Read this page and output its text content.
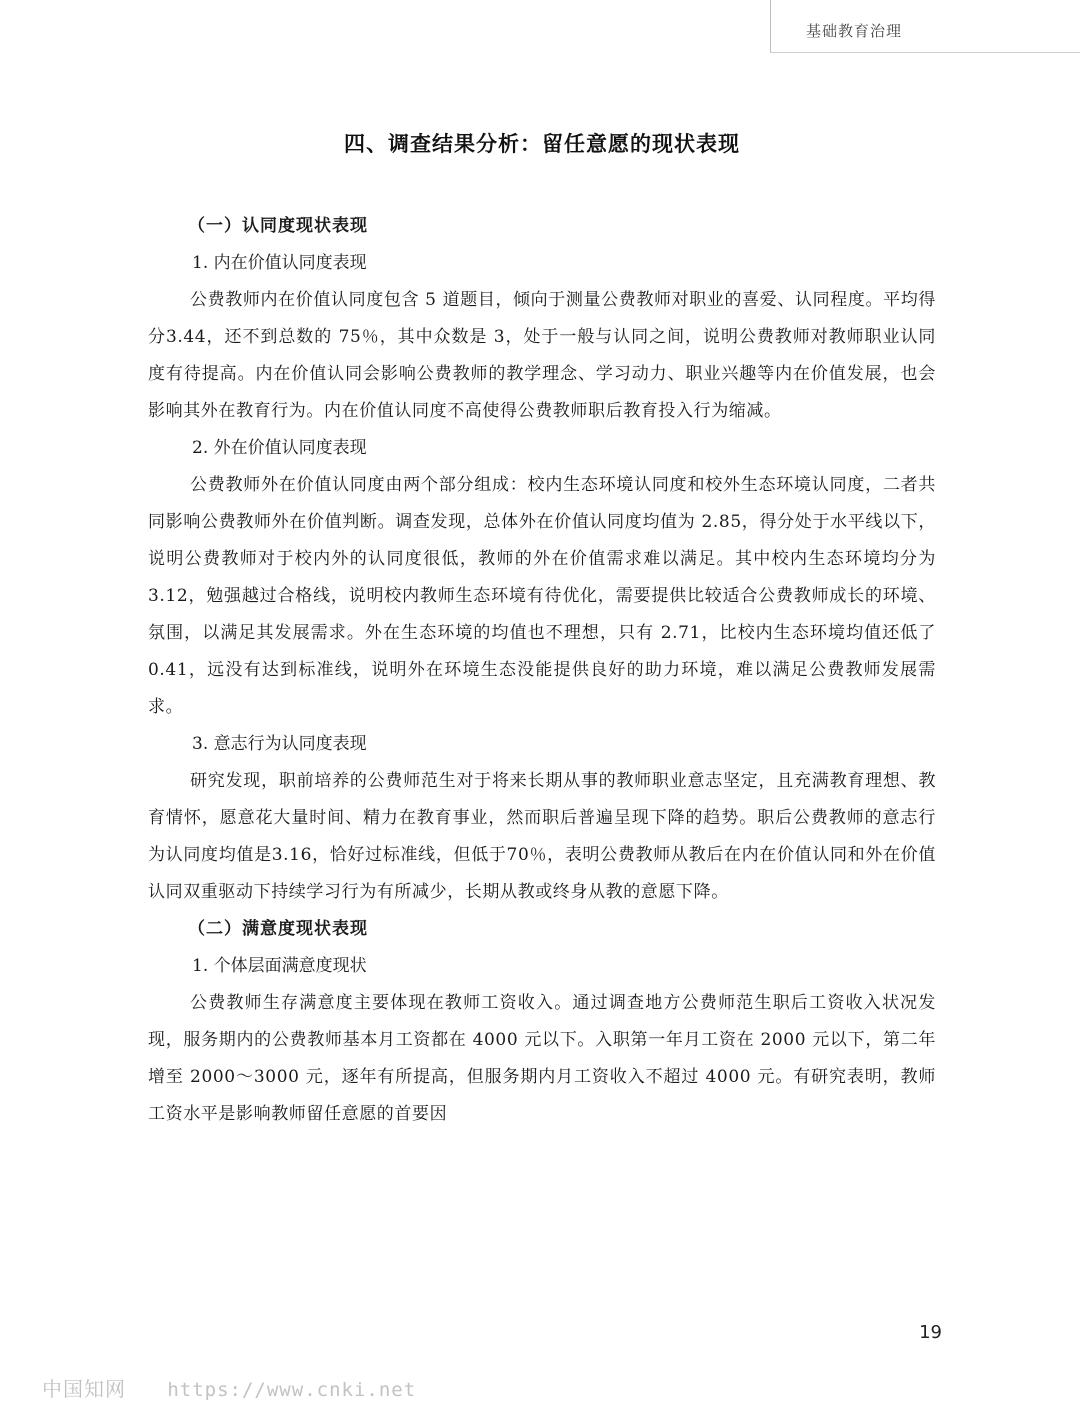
基础教育治理
四、调查结果分析：留任意愿的现状表现
（一）认同度现状表现

1. 内在价值认同度表现

公费教师内在价值认同度包含 5 道题目，倾向于测量公费教师对职业的喜爱、认同程度。平均得分3.44，还不到总数的 75％，其中众数是 3，处于一般与认同之间，说明公费教师对教师职业认同度有待提高。内在价值认同会影响公费教师的教学理念、学习动力、职业兴趣等内在价值发展，也会影响其外在教育行为。内在价值认同度不高使得公费教师职后教育投入行为缩减。

2. 外在价值认同度表现

公费教师外在价值认同度由两个部分组成：校内生态环境认同度和校外生态环境认同度，二者共同影响公费教师外在价值判断。调查发现，总体外在价值认同度均值为 2.85，得分处于水平线以下，说明公费教师对于校内外的认同度很低，教师的外在价值需求难以满足。其中校内生态环境均分为 3.12，勉强越过合格线，说明校内教师生态环境有待优化，需要提供比较适合公费教师成长的环境、氛围，以满足其发展需求。外在生态环境的均值也不理想，只有 2.71，比校内生态环境均值还低了 0.41，远没有达到标准线，说明外在环境生态没能提供良好的助力环境，难以满足公费教师发展需求。

3. 意志行为认同度表现

研究发现，职前培养的公费师范生对于将来长期从事的教师职业意志坚定，且充满教育理想、教育情怀，愿意花大量时间、精力在教育事业，然而职后普遍呈现下降的趋势。职后公费教师的意志行为认同度均值是3.16，恰好过标准线，但低于70％，表明公费教师从教后在内在价值认同和外在价值认同双重驱动下持续学习行为有所减少，长期从教或终身从教的意愿下降。

（二）满意度现状表现

1. 个体层面满意度现状

公费教师生存满意度主要体现在教师工资收入。通过调查地方公费师范生职后工资收入状况发现，服务期内的公费教师基本月工资都在 4000 元以下。入职第一年月工资在 2000 元以下，第二年增至 2000～3000 元，逐年有所提高，但服务期内月工资收入不超过 4000 元。有研究表明，教师工资水平是影响教师留任意愿的首要因

19
中国知网 https://www.cnki.net
